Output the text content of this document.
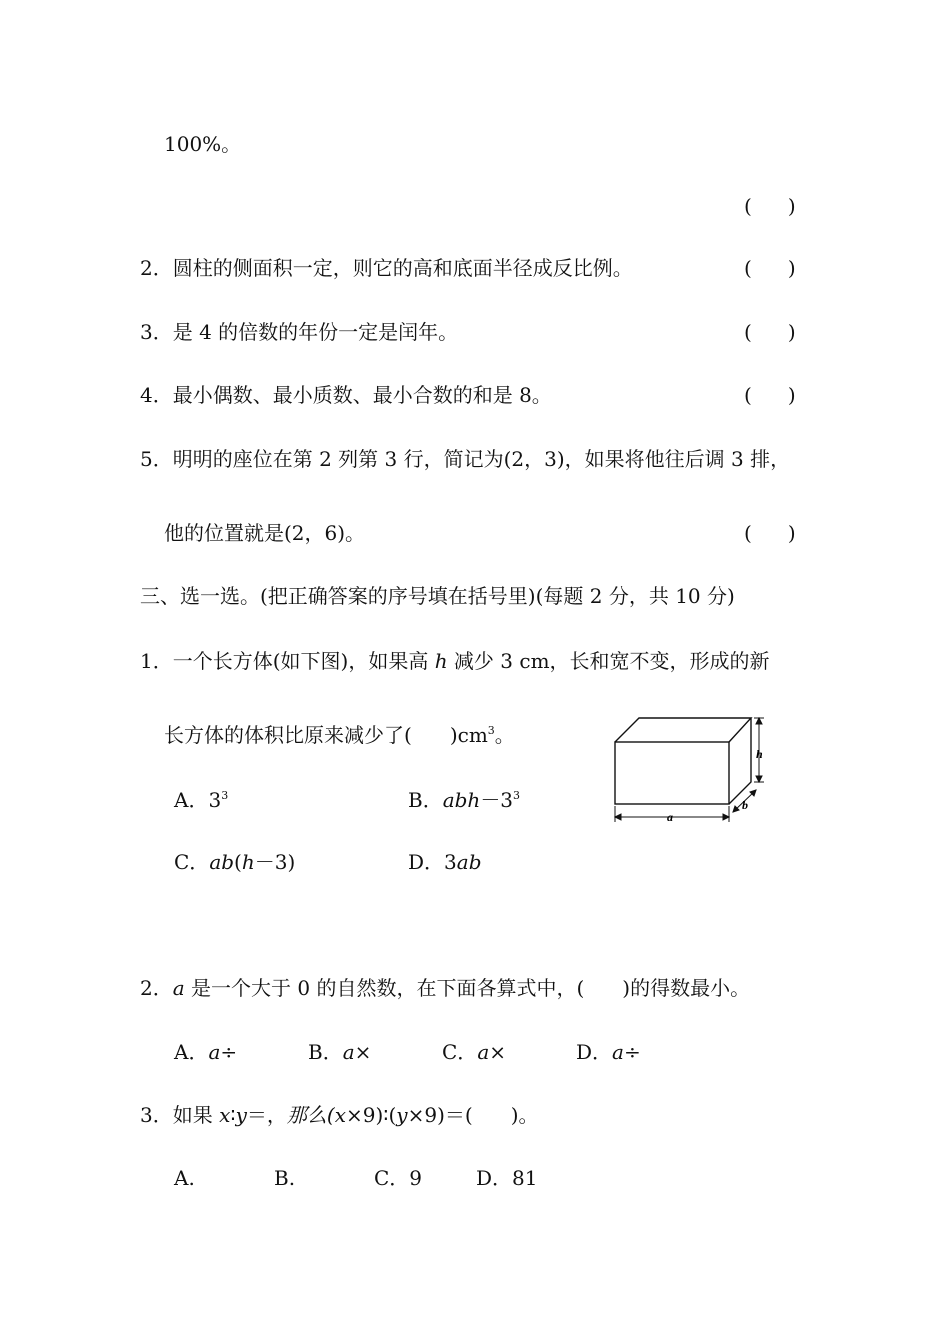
100%。
( )
2．圆柱的侧面积一定，则它的高和底面半径成反比例。	( )
3．是 4 的倍数的年份一定是闰年。	( )
4．最小偶数、最小质数、最小合数的和是 8。	( )
5．明明的座位在第 2 列第 3 行，简记为(2，3)，如果将他往后调 3 排，
他的位置就是(2，6)。	( )
三、选一选。(把正确答案的序号填在括号里)(每题 2 分，共 10 分)
1．一个长方体(如下图)，如果高 h 减少 3 cm，长和宽不变，形成的新
长方体的体积比原来减少了( )$cm^3$。
A．$3^3$	B．$abh-3^3$
C．ab(h－3)	D．3ab
h
a
b
2．a 是一个大于 0 的自然数，在下面各算式中，( )的得数最小。
A．a÷	B．a×	C．a×	D．a÷
3．如果 x∶y＝，那么(x×9)∶(y×9)＝( )。
A.	B.	C．9	D．81
